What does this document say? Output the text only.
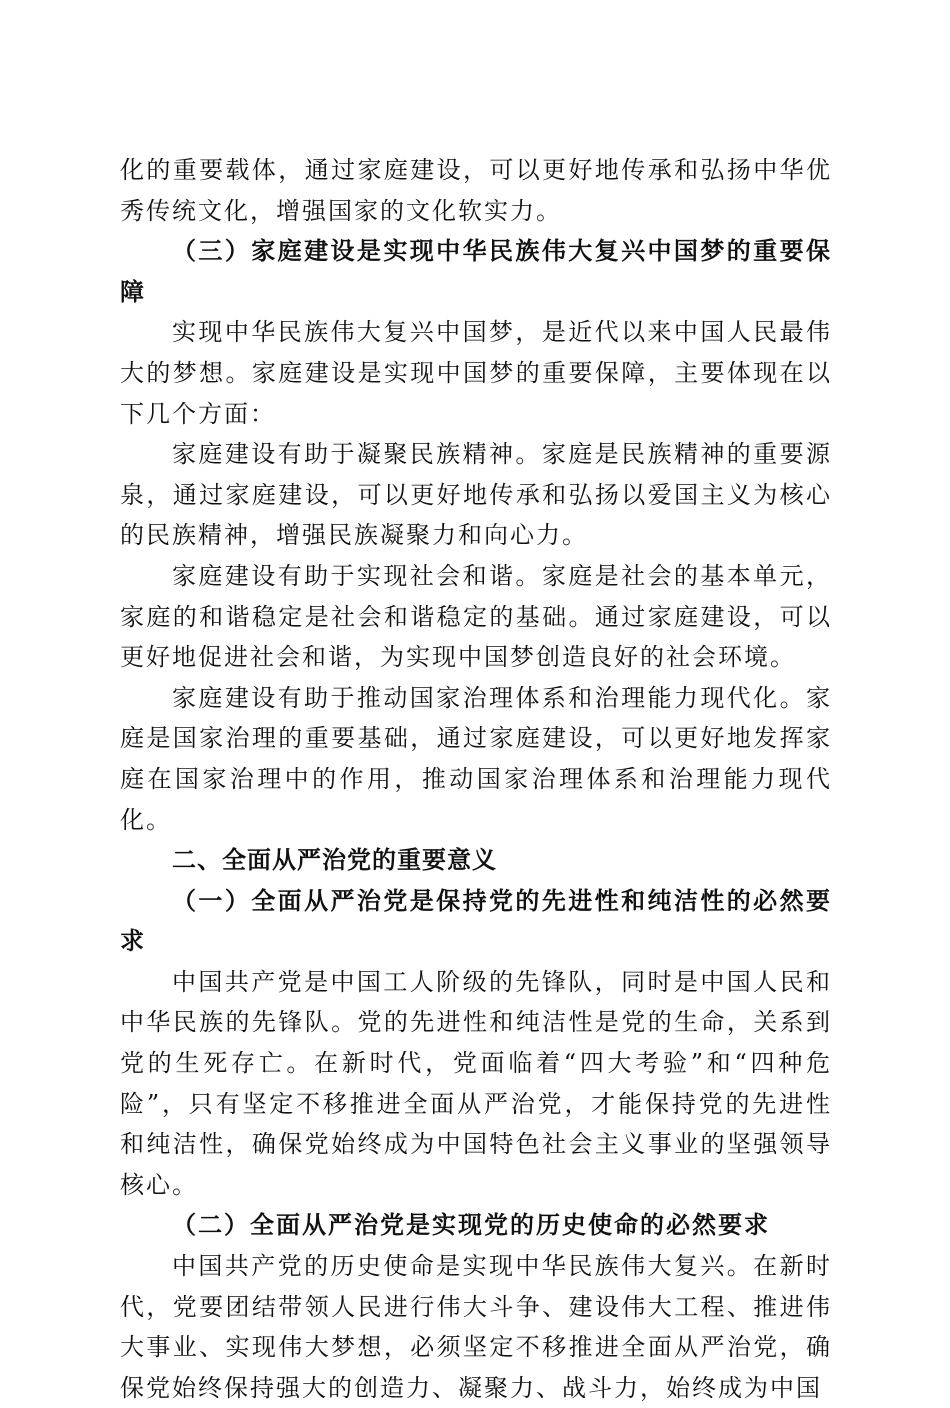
化的重要载体，通过家庭建设，可以更好地传承和弘扬中华优秀传统文化，增强国家的文化软实力。

（三）家庭建设是实现中华民族伟大复兴中国梦的重要保障

实现中华民族伟大复兴中国梦，是近代以来中国人民最伟大的梦想。家庭建设是实现中国梦的重要保障，主要体现在以下几个方面：

家庭建设有助于凝聚民族精神。家庭是民族精神的重要源泉，通过家庭建设，可以更好地传承和弘扬以爱国主义为核心的民族精神，增强民族凝聚力和向心力。

家庭建设有助于实现社会和谐。家庭是社会的基本单元，家庭的和谐稳定是社会和谐稳定的基础。通过家庭建设，可以更好地促进社会和谐，为实现中国梦创造良好的社会环境。

家庭建设有助于推动国家治理体系和治理能力现代化。家庭是国家治理的重要基础，通过家庭建设，可以更好地发挥家庭在国家治理中的作用，推动国家治理体系和治理能力现代化。

二、全面从严治党的重要意义

（一）全面从严治党是保持党的先进性和纯洁性的必然要求

中国共产党是中国工人阶级的先锋队，同时是中国人民和中华民族的先锋队。党的先进性和纯洁性是党的生命，关系到党的生死存亡。在新时代，党面临着“四大考验”和“四种危险”，只有坚定不移推进全面从严治党，才能保持党的先进性和纯洁性，确保党始终成为中国特色社会主义事业的坚强领导核心。

（二）全面从严治党是实现党的历史使命的必然要求

中国共产党的历史使命是实现中华民族伟大复兴。在新时代，党要团结带领人民进行伟大斗争、建设伟大工程、推进伟大事业、实现伟大梦想，必须坚定不移推进全面从严治党，确保党始终保持强大的创造力、凝聚力、战斗力，始终成为中国
